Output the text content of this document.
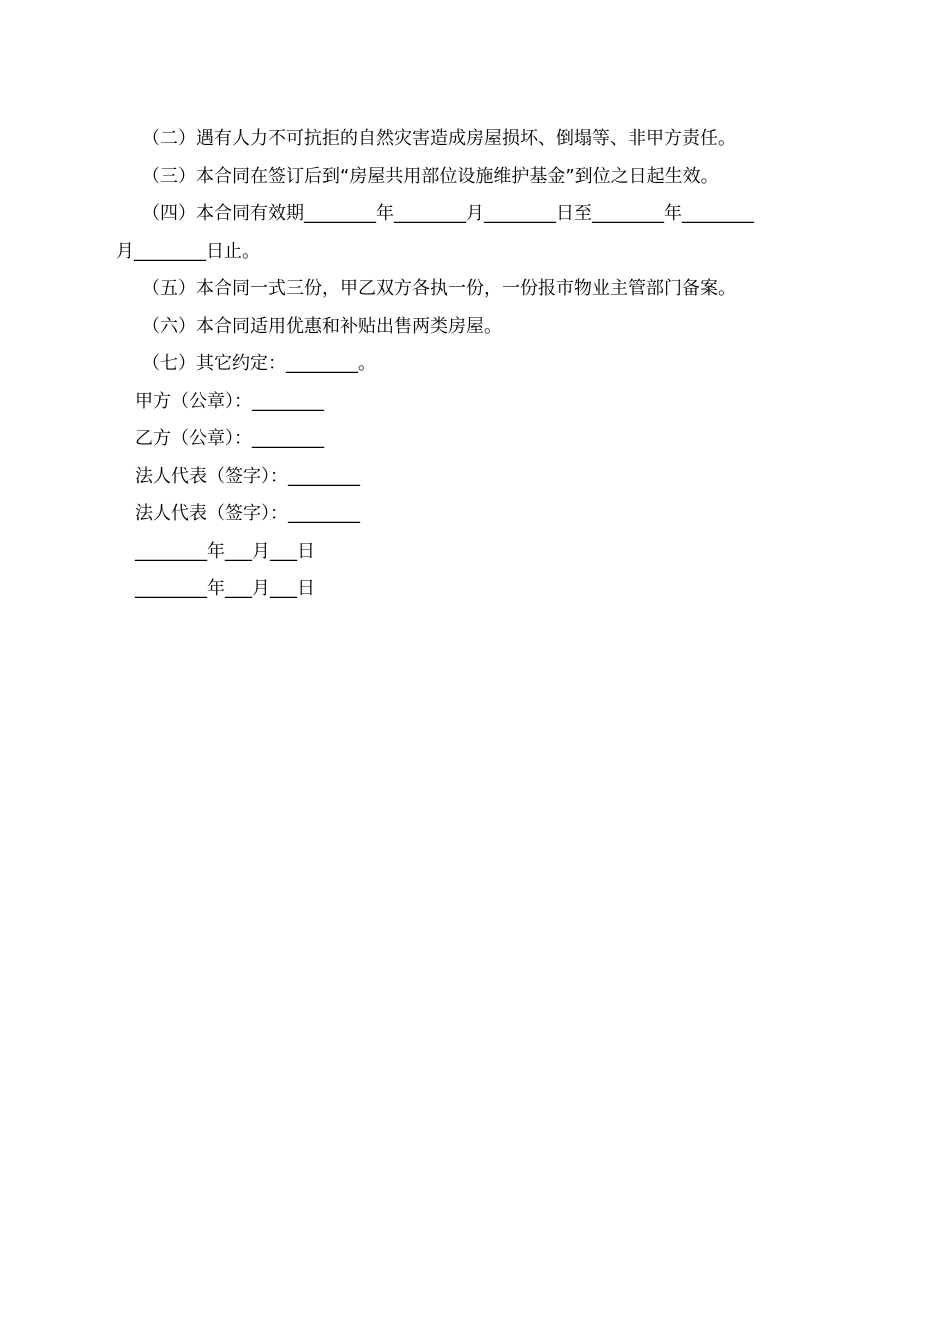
（二）遇有人力不可抗拒的自然灾害造成房屋损坏、倒塌等、非甲方责任。
（三）本合同在签订后到“房屋共用部位设施维护基金”到位之日起生效。
（四）本合同有效期________年________月________日至________年________
月________日止。
（五）本合同一式三份，甲乙双方各执一份，一份报市物业主管部门备案。
（六）本合同适用优惠和补贴出售两类房屋。
（七）其它约定：________。
甲方（公章）：________
乙方（公章）：________
法人代表（签字）：________
法人代表（签字）：________
________年___月___日
________年___月___日
